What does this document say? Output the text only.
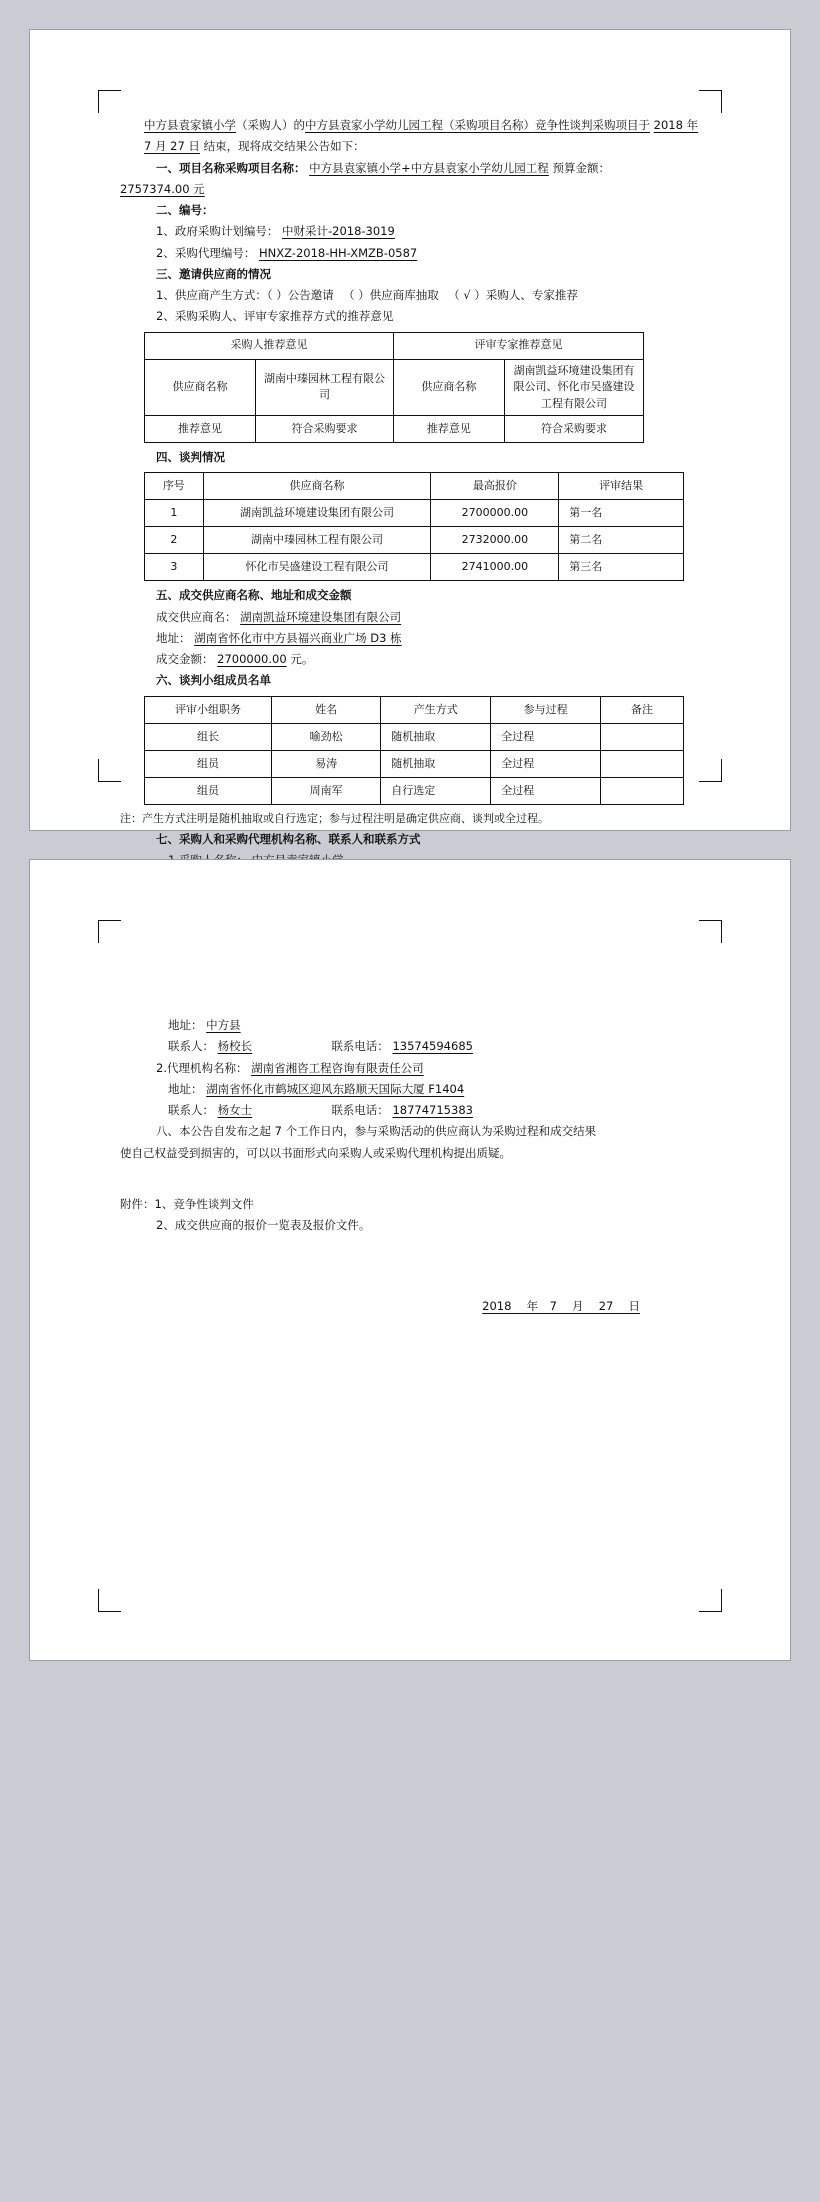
中方县袁家镇小学（采购人）的中方县袁家小学幼儿园工程（采购项目名称）竞争性谈判采购项目于 2018 年 7 月 27 日 结束，现将成交结果公告如下：

一、项目名称采购项目名称： 中方县袁家镇小学+中方县袁家小学幼儿园工程 预算金额：

2757374.00 元

二、编号：

1、政府采购计划编号： 中财采计-2018-3019

2、采购代理编号： HNXZ-2018-HH-XMZB-0587

三、邀请供应商的情况

1、供应商产生方式：（ ）公告邀请 　（ ）供应商库抽取 　（ √ ）采购人、专家推荐

2、采购采购人、评审专家推荐方式的推荐意见

采购人推荐意见		评审专家推荐意见	
供应商名称	湖南中瑧园林工程有限公司	供应商名称	湖南凯益环境建设集团有限公司、怀化市吴盛建设工程有限公司
推荐意见	符合采购要求	推荐意见	符合采购要求

四、谈判情况

序号	供应商名称	最高报价	评审结果
1	湖南凯益环境建设集团有限公司	2700000.00	第一名
2	湖南中瑧园林工程有限公司	2732000.00	第二名
3	怀化市吴盛建设工程有限公司	2741000.00	第三名

五、成交供应商名称、地址和成交金额

成交供应商名： 湖南凯益环境建设集团有限公司

地址： 湖南省怀化市中方县福兴商业广场 D3 栋

成交金额： 2700000.00 元。

六、谈判小组成员名单

评审小组职务	姓名	产生方式	参与过程	备注
组长	喻劲松	随机抽取	全过程	
组员	易涛	随机抽取	全过程	
组员	周南军	自行选定	全过程	

注：产生方式注明是随机抽取或自行选定；参与过程注明是确定供应商、谈判或全过程。

七、采购人和采购代理机构名称、联系人和联系方式

地址： 中方县

联系人： 杨校长	联系电话： 13574594685

2.代理机构名称： 湖南省湘咨工程咨询有限责任公司

地址： 湖南省怀化市鹤城区迎风东路顺天国际大厦 F1404

联系人： 杨女士	联系电话： 18774715383

八、本公告自发布之起 7 个工作日内，参与采购活动的供应商认为采购过程和成交结果

使自己权益受到损害的，可以以书面形式向采购人或采购代理机构提出质疑。

附件：1、竞争性谈判文件

2、成交供应商的报价一览表及报价文件。

2018 　年　7 　月　 27 　日
